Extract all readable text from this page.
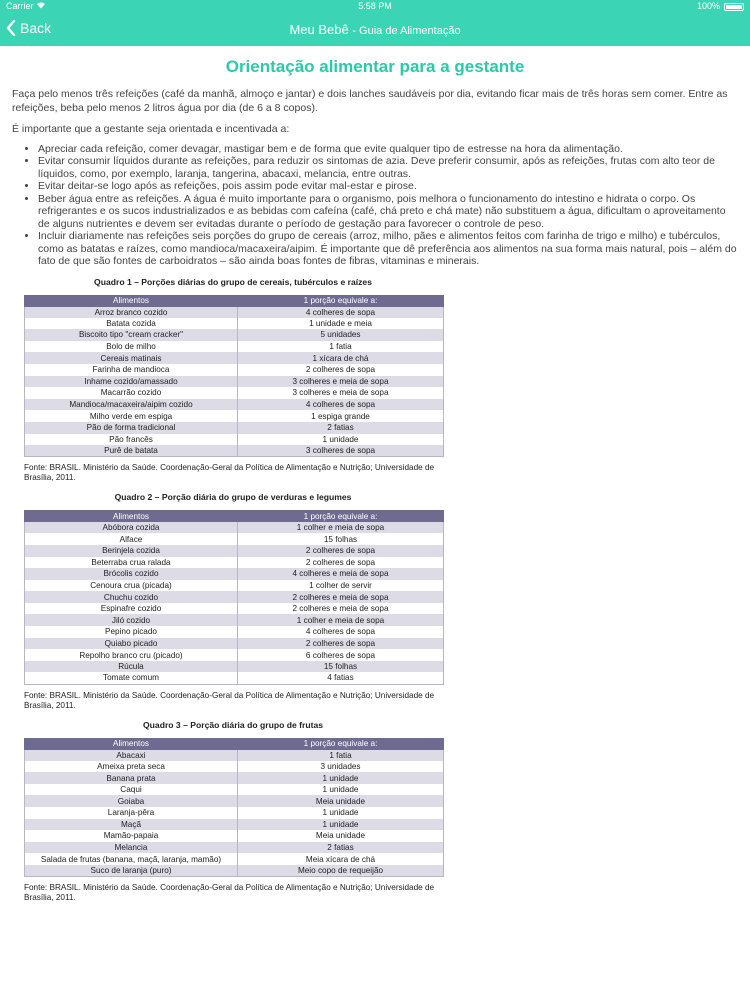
Carrier	5:58 PM	100%
Back	Meu Bebê - Guia de Alimentação
Orientação alimentar para a gestante

Faça pelo menos três refeições (café da manhã, almoço e jantar) e dois lanches saudáveis por dia, evitando ficar mais de três horas sem comer. Entre as refeições, beba pelo menos 2 litros água por dia (de 6 a 8 copos).

É importante que a gestante seja orientada e incentivada a:

• Apreciar cada refeição, comer devagar, mastigar bem e de forma que evite qualquer tipo de estresse na hora da alimentação.
• Evitar consumir líquidos durante as refeições, para reduzir os sintomas de azia. Deve preferir consumir, após as refeições, frutas com alto teor de líquidos, como, por exemplo, laranja, tangerina, abacaxi, melancia, entre outras.
• Evitar deitar-se logo após as refeições, pois assim pode evitar mal-estar e pirose.
• Beber água entre as refeições. A água é muito importante para o organismo, pois melhora o funcionamento do intestino e hidrata o corpo. Os refrigerantes e os sucos industrializados e as bebidas com cafeína (café, chá preto e chá mate) não substituem a água, dificultam o aproveitamento de alguns nutrientes e devem ser evitadas durante o período de gestação para favorecer o controle de peso.
• Incluir diariamente nas refeições seis porções do grupo de cereais (arroz, milho, pães e alimentos feitos com farinha de trigo e milho) e tubérculos, como as batatas e raízes, como mandioca/macaxeira/aipim. É importante que dê preferência aos alimentos na sua forma mais natural, pois – além do fato de que são fontes de carboidratos – são ainda boas fontes de fibras, vitaminas e minerais.
Quadro 1 – Porções diárias do grupo de cereais, tubérculos e raízes
Alimentos	1 porção equivale a:
Arroz branco cozido	4 colheres de sopa
Batata cozida	1 unidade e meia
Biscoito tipo "cream cracker"	5 unidades
Bolo de milho	1 fatia
Cereais matinais	1 xícara de chá
Farinha de mandioca	2 colheres de sopa
Inhame cozido/amassado	3 colheres e meia de sopa
Macarrão cozido	3 colheres e meia de sopa
Mandioca/macaxeira/aipim cozido	4 colheres de sopa
Milho verde em espiga	1 espiga grande
Pão de forma tradicional	2 fatias
Pão francês	1 unidade
Purê de batata	3 colheres de sopa

Fonte: BRASIL. Ministério da Saúde. Coordenação-Geral da Política de Alimentação e Nutrição; Universidade de Brasília, 2011.

Quadro 2 – Porção diária do grupo de verduras e legumes
Alimentos	1 porção equivale a:
Abóbora cozida	1 colher e meia de sopa
Alface	15 folhas
Berinjela cozida	2 colheres de sopa
Beterraba crua ralada	2 colheres de sopa
Brócolis cozido	4 colheres e meia de sopa
Cenoura crua (picada)	1 colher de servir
Chuchu cozido	2 colheres e meia de sopa
Espinafre cozido	2 colheres e meia de sopa
Jiló cozido	1 colher e meia de sopa
Pepino picado	4 colheres de sopa
Quiabo picado	2 colheres de sopa
Repolho branco cru (picado)	6 colheres de sopa
Rúcula	15 folhas
Tomate comum	4 fatias

Fonte: BRASIL. Ministério da Saúde. Coordenação-Geral da Política de Alimentação e Nutrição; Universidade de Brasília, 2011.

Quadro 3 – Porção diária do grupo de frutas
Alimentos	1 porção equivale a:
Abacaxi	1 fatia
Ameixa preta seca	3 unidades
Banana prata	1 unidade
Caqui	1 unidade
Goiaba	Meia unidade
Laranja-pêra	1 unidade
Maçã	1 unidade
Mamão-papaia	Meia unidade
Melancia	2 fatias
Salada de frutas (banana, maçã, laranja, mamão)	Meia xícara de chá
Suco de laranja (puro)	Meio copo de requeijão

Fonte: BRASIL. Ministério da Saúde. Coordenação-Geral da Política de Alimentação e Nutrição; Universidade de Brasília, 2011.
